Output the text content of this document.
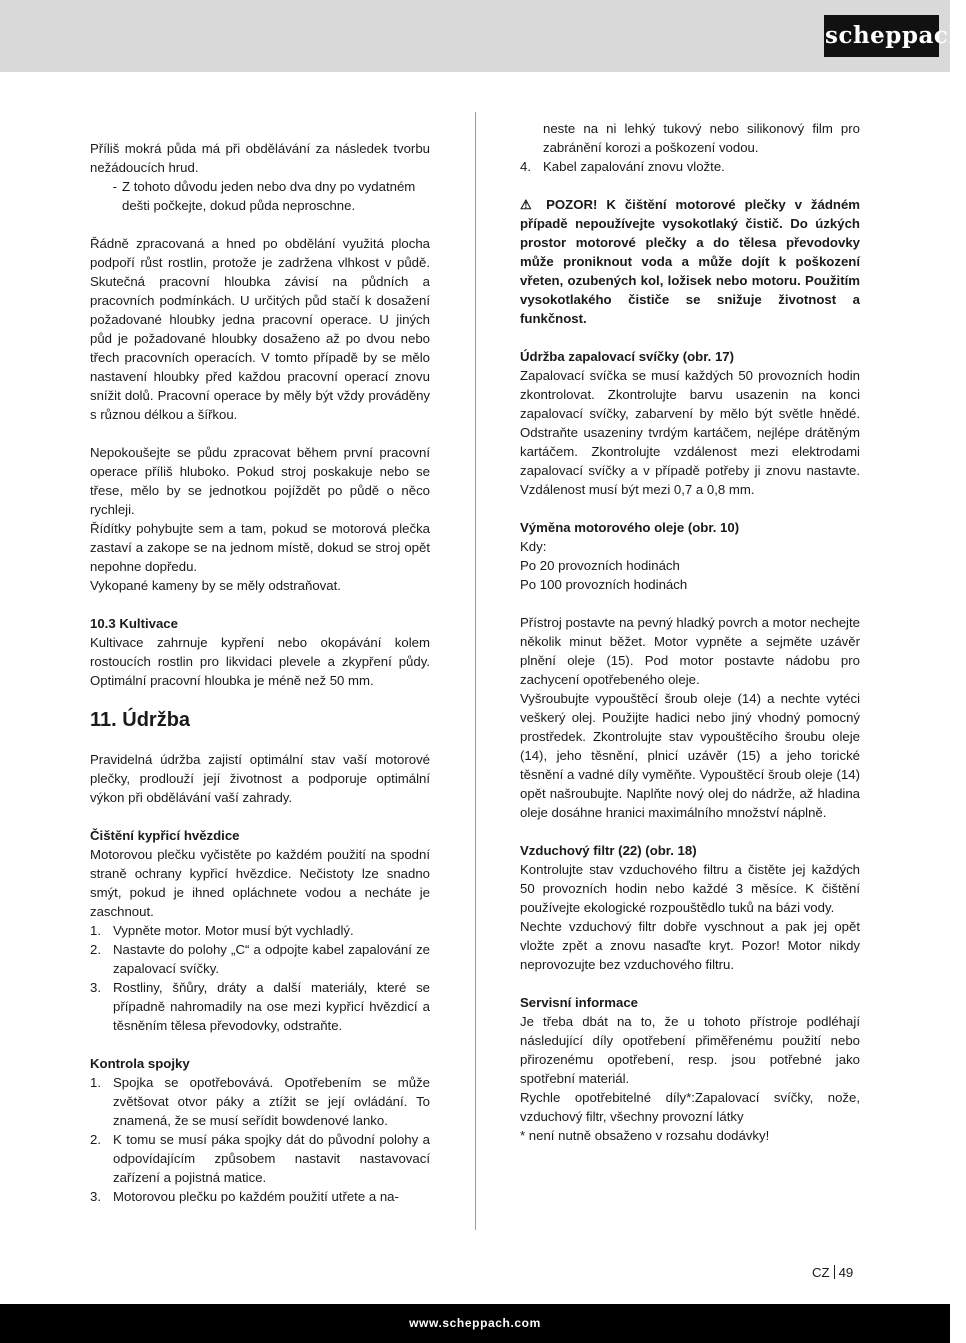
scheppach

Příliš mokrá půda má při obdělávání za následek tvorbu nežádoucích hrud.

- Z tohoto důvodu jeden nebo dva dny po vydatném dešti počkejte, dokud půda neproschne.

Řádně zpracovaná a hned po obdělání využitá plocha podpoří růst rostlin, protože je zadržena vlhkost v půdě. Skutečná pracovní hloubka závisí na půdních a pracovních podmínkách. U určitých půd stačí k dosažení požadované hloubky jedna pracovní operace. U jiných půd je požadované hloubky dosaženo až po dvou nebo třech pracovních operacích. V tomto případě by se mělo nastavení hloubky před každou pracovní operací znovu snížit dolů. Pracovní operace by měly být vždy prováděny s různou délkou a šířkou.

Nepokoušejte se půdu zpracovat během první pracovní operace příliš hluboko. Pokud stroj poskakuje nebo se třese, mělo by se jednotkou pojíždět po půdě o něco rychleji.

Řídítky pohybujte sem a tam, pokud se motorová plečka zastaví a zakope se na jednom místě, dokud se stroj opět nepohne dopředu.

Vykopané kameny by se měly odstraňovat.

10.3 Kultivace

Kultivace zahrnuje kypření nebo okopávání kolem rostoucích rostlin pro likvidaci plevele a zkypření půdy. Optimální pracovní hloubka je méně než 50 mm.

11. Údržba

Pravidelná údržba zajistí optimální stav vaší motorové plečky, prodlouží její životnost a podporuje optimální výkon při obdělávání vaší zahrady.

Čištění kypřicí hvězdice

Motorovou plečku vyčistěte po každém použití na spodní straně ochrany kypřicí hvězdice. Nečistoty lze snadno smýt, pokud je ihned opláchnete vodou a necháte je zaschnout.

1. Vypněte motor. Motor musí být vychladlý.
2. Nastavte do polohy „C“ a odpojte kabel zapalování ze zapalovací svíčky.
3. Rostliny, šňůry, dráty a další materiály, které se případně nahromadily na ose mezi kypřicí hvězdicí a těsněním tělesa převodovky, odstraňte.

Kontrola spojky

1. Spojka se opotřebovává. Opotřebením se může zvětšovat otvor páky a ztížit se její ovládání. To znamená, že se musí seřídit bowdenové lanko.
2. K tomu se musí páka spojky dát do původní polohy a odpovídajícím způsobem nastavit nastavovací zařízení a pojistná matice.
3. Motorovou plečku po každém použití utřete a na-
neste na ni lehký tukový nebo silikonový film pro zabránění korozi a poškození vodou.
4. Kabel zapalování znovu vložte.

⚠ POZOR! K čištění motorové plečky v žádném případě nepoužívejte vysokotlaký čistič. Do úzkých prostor motorové plečky a do tělesa převodovky může proniknout voda a může dojít k poškození vřeten, ozubených kol, ložisek nebo motoru. Použitím vysokotlakého čističe se snižuje životnost a funkčnost.

Údržba zapalovací svíčky (obr. 17)

Zapalovací svíčka se musí každých 50 provozních hodin zkontrolovat. Zkontrolujte barvu usazenin na konci zapalovací svíčky, zabarvení by mělo být světle hnědé. Odstraňte usazeniny tvrdým kartáčem, nejlépe drátěným kartáčem. Zkontrolujte vzdálenost mezi elektrodami zapalovací svíčky a v případě potřeby ji znovu nastavte. Vzdálenost musí být mezi 0,7 a 0,8 mm.

Výměna motorového oleje (obr. 10)

Kdy:

Po 20 provozních hodinách

Po 100 provozních hodinách

Přístroj postavte na pevný hladký povrch a motor nechejte několik minut běžet. Motor vypněte a sejměte uzávěr plnění oleje (15). Pod motor postavte nádobu pro zachycení opotřebeného oleje.

Vyšroubujte vypouštěcí šroub oleje (14) a nechte vytéci veškerý olej. Použijte hadici nebo jiný vhodný pomocný prostředek. Zkontrolujte stav vypouštěcího šroubu oleje (14), jeho těsnění, plnicí uzávěr (15) a jeho torické těsnění a vadné díly vyměňte. Vypouštěcí šroub oleje (14) opět našroubujte. Naplňte nový olej do nádrže, až hladina oleje dosáhne hranici maximálního množství náplně.

Vzduchový filtr (22) (obr. 18)

Kontrolujte stav vzduchového filtru a čistěte jej každých 50 provozních hodin nebo každé 3 měsíce. K čištění používejte ekologické rozpouštědlo tuků na bázi vody.

Nechte vzduchový filtr dobře vyschnout a pak jej opět vložte zpět a znovu nasaďte kryt. Pozor! Motor nikdy neprovozujte bez vzduchového filtru.

Servisní informace

Je třeba dbát na to, že u tohoto přístroje podléhají následující díly opotřebení přiměřenému použití nebo přirozenému opotřebení, resp. jsou potřebné jako spotřební materiál.

Rychle opotřebitelné díly*:Zapalovací svíčky, nože, vzduchový filtr, všechny provozní látky

* není nutně obsaženo v rozsahu dodávky!

CZ 49
www.scheppach.com
